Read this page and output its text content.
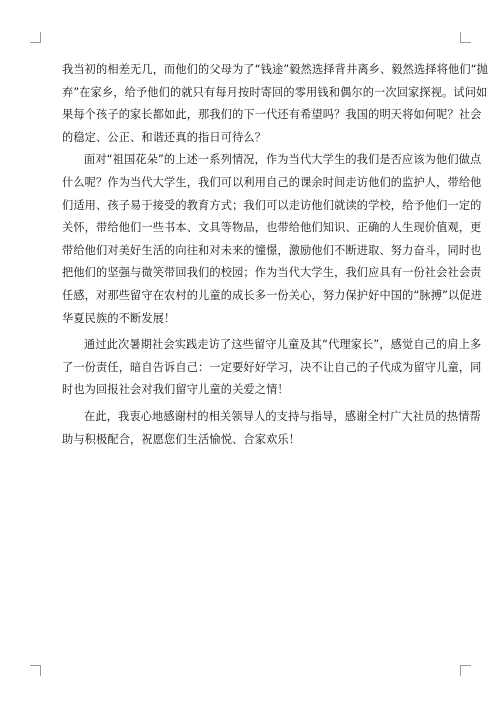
我当初的相差无几，而他们的父母为了“钱途”毅然选择背井离乡、毅然选择将他们“抛
弃”在家乡，给予他们的就只有每月按时寄回的零用钱和偶尔的一次回家探视。试问如
果每个孩子的家长都如此，那我们的下一代还有希望吗？我国的明天将如何呢？社会
的稳定、公正、和谐还真的指日可待么？
面对“祖国花朵”的上述一系列情况，作为当代大学生的我们是否应该为他们做点
什么呢？作为当代大学生，我们可以利用自己的课余时间走访他们的监护人，带给他
们适用、孩子易于接受的教育方式；我们可以走访他们就读的学校，给予他们一定的
关怀，带给他们一些书本、文具等物品，也带给他们知识、正确的人生现价值观，更
带给他们对美好生活的向往和对未来的憧憬，激励他们不断进取、努力奋斗，同时也
把他们的坚强与微笑带回我们的校园；作为当代大学生，我们应具有一份社会社会责
任感，对那些留守在农村的儿童的成长多一份关心，努力保护好中国的“脉搏”以促进
华夏民族的不断发展！
通过此次暑期社会实践走访了这些留守儿童及其“代理家长”，感觉自己的肩上多
了一份责任，暗自告诉自己：一定要好好学习，决不让自己的子代成为留守儿童，同
时也为回报社会对我们留守儿童的关爱之情！
在此，我衷心地感谢村的相关领导人的支持与指导，感谢全村广大社员的热情帮
助与积极配合，祝愿您们生活愉悦、合家欢乐！
